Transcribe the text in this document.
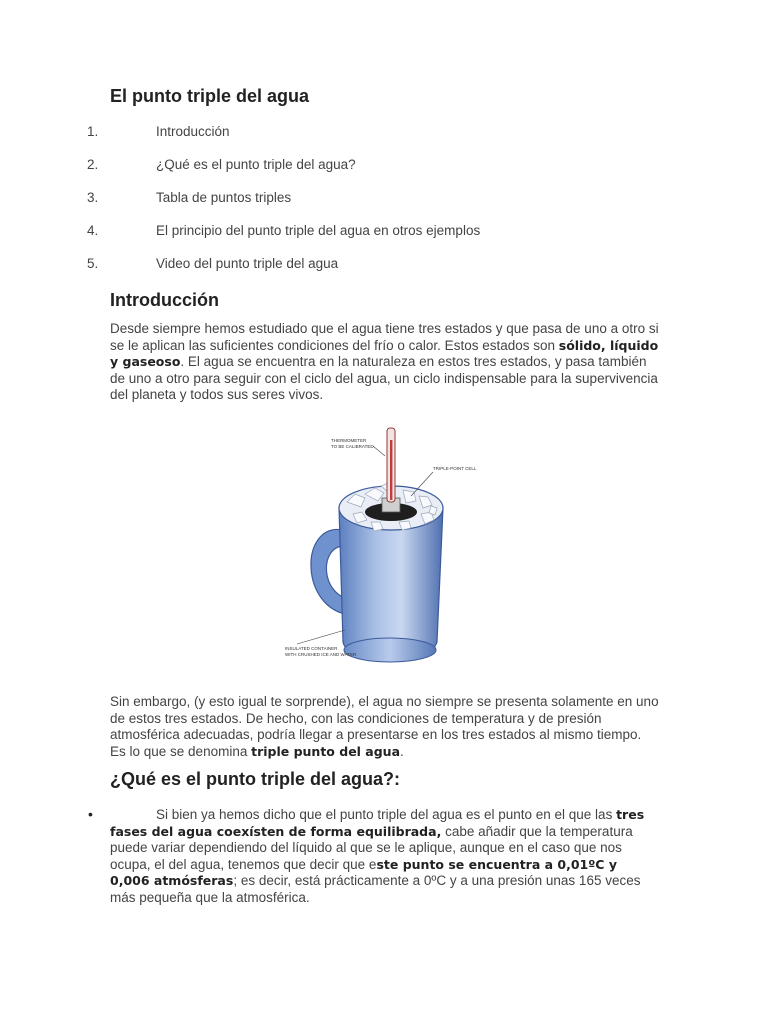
El punto triple del agua
1.	Introducción
2.	¿Qué es el punto triple del agua?
3.	Tabla de puntos triples
4.	El principio del punto triple del agua en otros ejemplos
5.	Video del punto triple del agua
Introducción

Desde siempre hemos estudiado que el agua tiene tres estados y que pasa de uno a otro si se le aplican las suficientes condiciones del frío o calor. Estos estados son sólido, líquido y gaseoso. El agua se encuentra en la naturaleza en estos tres estados, y pasa también de uno a otro para seguir con el ciclo del agua, un ciclo indispensable para la supervivencia del planeta y todos sus seres vivos.

THERMOMETER
TO BE CALIBRATED
TRIPLE-POINT CELL
INSULATED CONTAINER
WITH CRUSHED ICE AND WATER

Sin embargo, (y esto igual te sorprende), el agua no siempre se presenta solamente en uno de estos tres estados. De hecho, con las condiciones de temperatura y de presión atmosférica adecuadas, podría llegar a presentarse en los tres estados al mismo tiempo. Es lo que se denomina triple punto del agua.

¿Qué es el punto triple del agua?:
•	Si bien ya hemos dicho que el punto triple del agua es el punto en el que las tres fases del agua coexísten de forma equilibrada, cabe añadir que la temperatura puede variar dependiendo del líquido al que se le aplique, aunque en el caso que nos ocupa, el del agua, tenemos que decir que este punto se encuentra a 0,01ºC y 0,006 atmósferas; es decir, está prácticamente a 0ºC y a una presión unas 165 veces más pequeña que la atmosférica.
